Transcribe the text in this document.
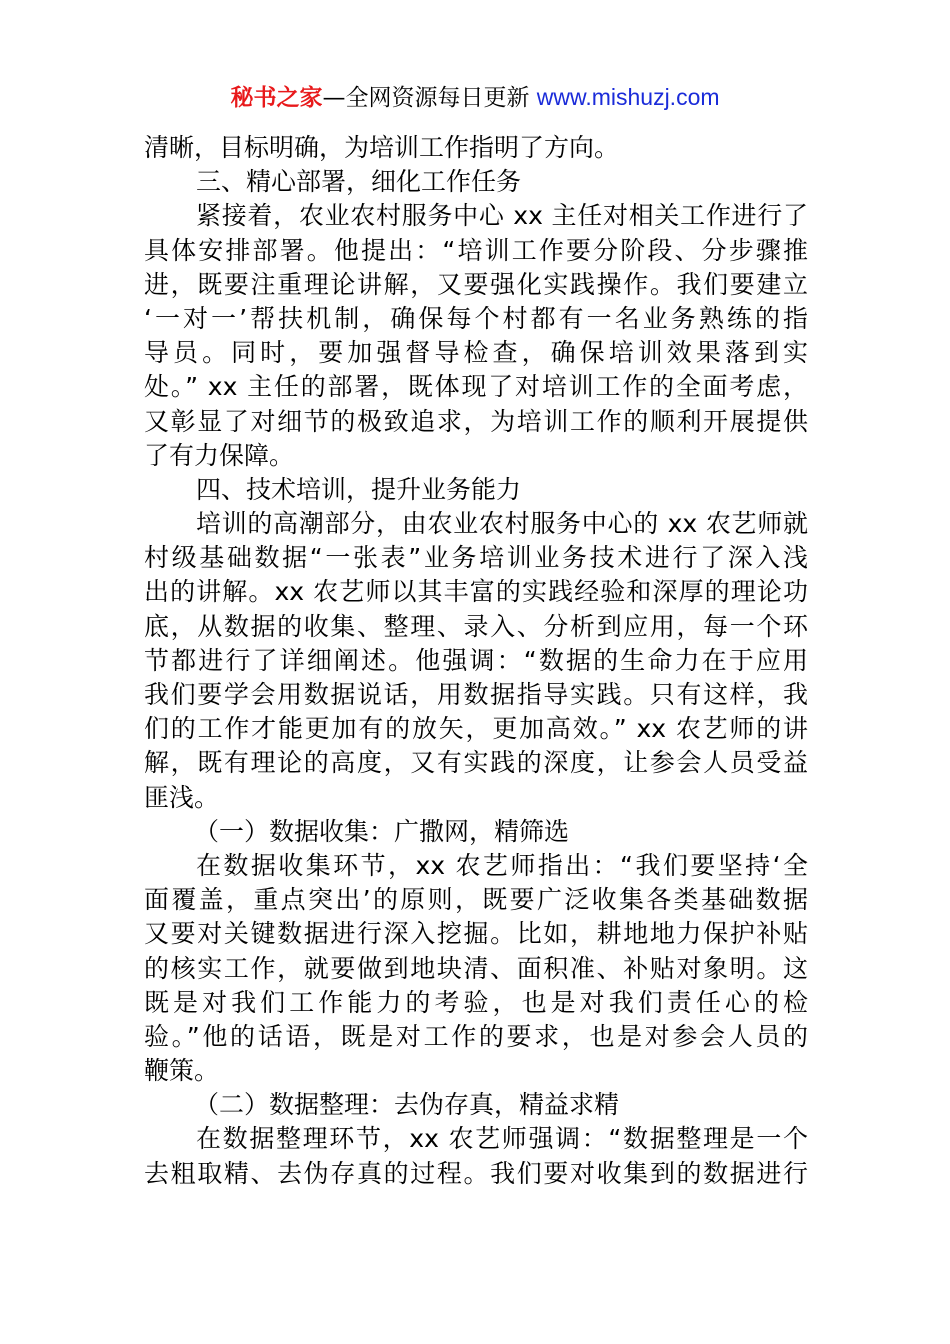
秘书之家—全网资源每日更新 www.mishuzj.com
清晰，目标明确，为培训工作指明了方向。
三、精心部署，细化工作任务
紧接着，农业农村服务中心 xx 主任对相关工作进行了
具体安排部署。他提出：“培训工作要分阶段、分步骤推
进，既要注重理论讲解，又要强化实践操作。我们要建立
‘一对一’帮扶机制，确保每个村都有一名业务熟练的指
导员。同时，要加强督导检查，确保培训效果落到实
处。” xx 主任的部署，既体现了对培训工作的全面考虑，
又彰显了对细节的极致追求，为培训工作的顺利开展提供
了有力保障。
四、技术培训，提升业务能力
培训的高潮部分，由农业农村服务中心的 xx 农艺师就
村级基础数据“一张表”业务培训业务技术进行了深入浅
出的讲解。xx 农艺师以其丰富的实践经验和深厚的理论功
底，从数据的收集、整理、录入、分析到应用，每一个环
节都进行了详细阐述。他强调：“数据的生命力在于应用
我们要学会用数据说话，用数据指导实践。只有这样，我
们的工作才能更加有的放矢，更加高效。” xx 农艺师的讲
解，既有理论的高度，又有实践的深度，让参会人员受益
匪浅。
（一）数据收集：广撒网，精筛选
在数据收集环节，xx 农艺师指出：“我们要坚持‘全
面覆盖，重点突出’的原则，既要广泛收集各类基础数据
又要对关键数据进行深入挖掘。比如，耕地地力保护补贴
的核实工作，就要做到地块清、面积准、补贴对象明。这
既是对我们工作能力的考验，也是对我们责任心的检
验。”他的话语，既是对工作的要求，也是对参会人员的
鞭策。
（二）数据整理：去伪存真，精益求精
在数据整理环节，xx 农艺师强调：“数据整理是一个
去粗取精、去伪存真的过程。我们要对收集到的数据进行
